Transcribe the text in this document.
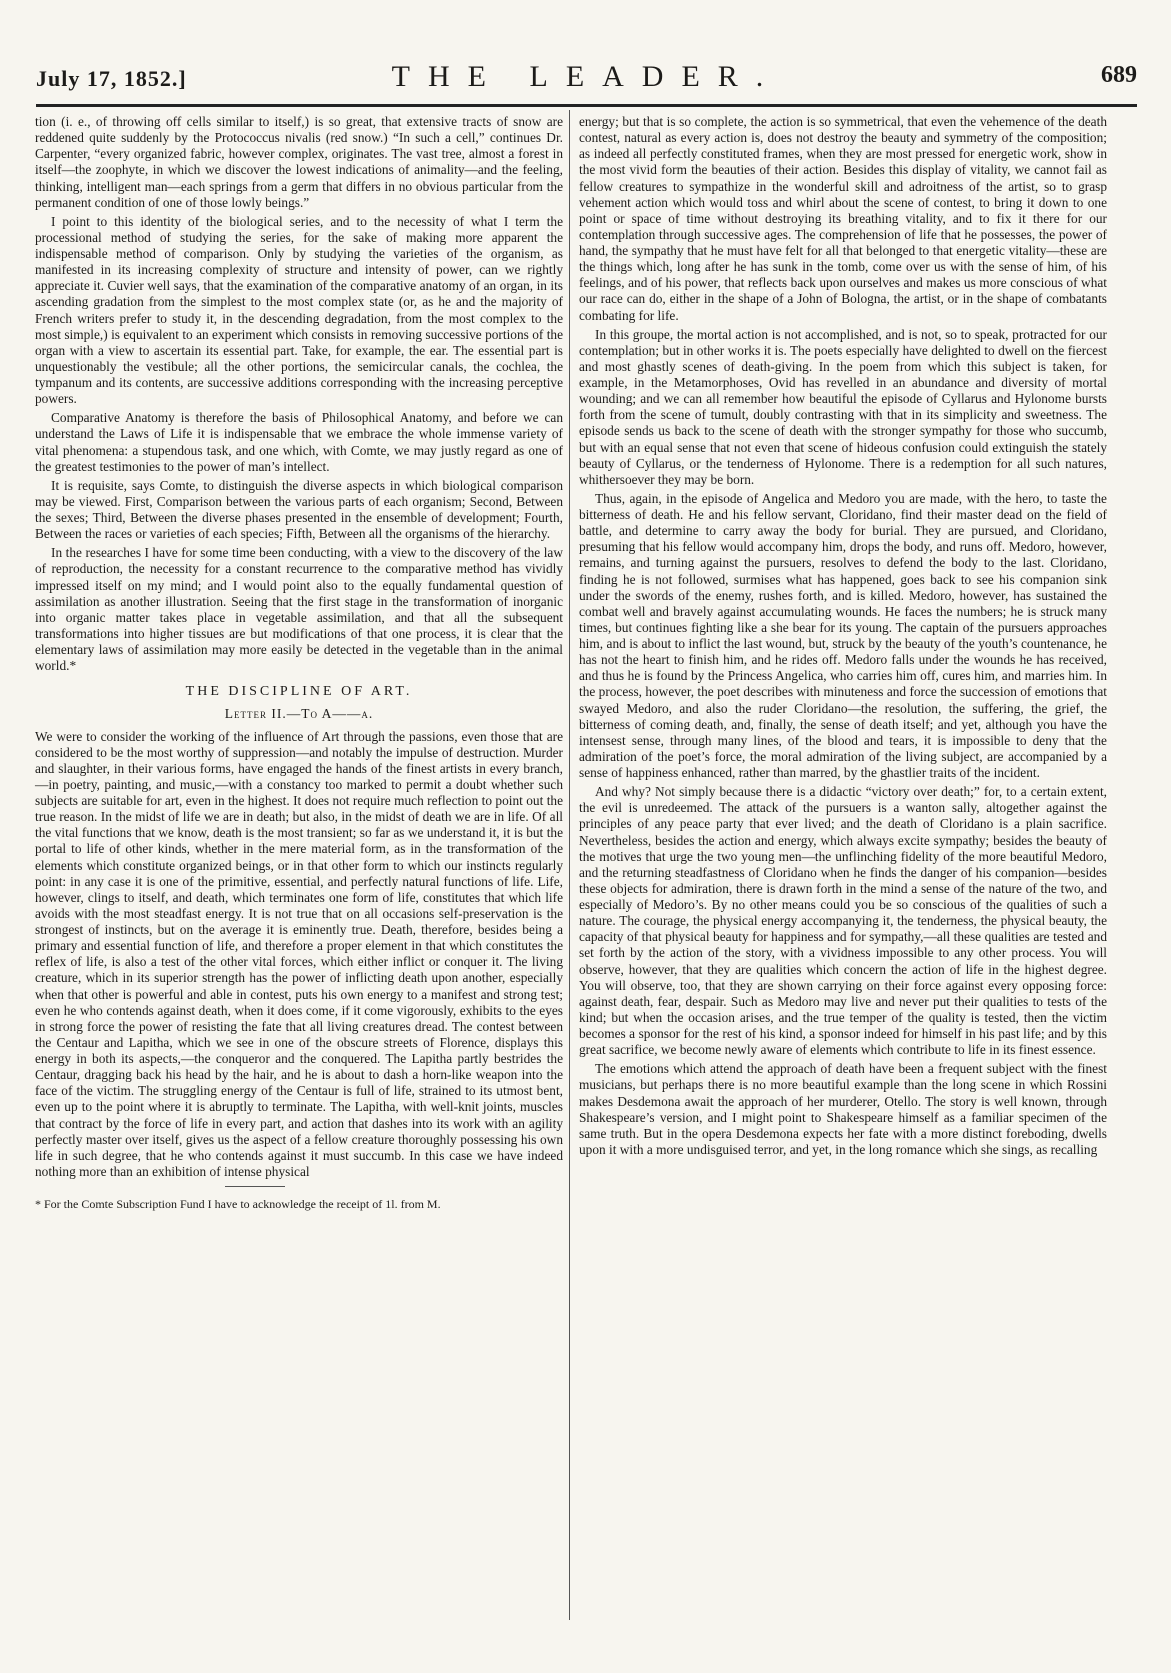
July 17, 1852.]	THE LEADER.	689

tion (i. e., of throwing off cells similar to itself,) is so great, that extensive tracts of snow are reddened quite suddenly by the Protococcus nivalis (red snow.) “In such a cell,” continues Dr. Carpenter, “every organized fabric, however complex, originates. The vast tree, almost a forest in itself—the zoophyte, in which we discover the lowest indications of animality—and the feeling, thinking, intelligent man—each springs from a germ that differs in no obvious particular from the permanent condition of one of those lowly beings.”

I point to this identity of the biological series, and to the necessity of what I term the processional method of studying the series, for the sake of making more apparent the indispensable method of comparison. Only by studying the varieties of the organism, as manifested in its increasing complexity of structure and intensity of power, can we rightly appreciate it. Cuvier well says, that the examination of the comparative anatomy of an organ, in its ascending gradation from the simplest to the most complex state (or, as he and the majority of French writers prefer to study it, in the descending degradation, from the most complex to the most simple,) is equivalent to an experiment which consists in removing successive portions of the organ with a view to ascertain its essential part. Take, for example, the ear. The essential part is unquestionably the vestibule; all the other portions, the semicircular canals, the cochlea, the tympanum and its contents, are successive additions corresponding with the increasing perceptive powers.

Comparative Anatomy is therefore the basis of Philosophical Anatomy, and before we can understand the Laws of Life it is indispensable that we embrace the whole immense variety of vital phenomena: a stupendous task, and one which, with Comte, we may justly regard as one of the greatest testimonies to the power of man’s intellect.

It is requisite, says Comte, to distinguish the diverse aspects in which biological comparison may be viewed. First, Comparison between the various parts of each organism; Second, Between the sexes; Third, Between the diverse phases presented in the ensemble of development; Fourth, Between the races or varieties of each species; Fifth, Between all the organisms of the hierarchy.

In the researches I have for some time been conducting, with a view to the discovery of the law of reproduction, the necessity for a constant recurrence to the comparative method has vividly impressed itself on my mind; and I would point also to the equally fundamental question of assimilation as another illustration. Seeing that the first stage in the transformation of inorganic into organic matter takes place in vegetable assimilation, and that all the subsequent transformations into higher tissues are but modifications of that one process, it is clear that the elementary laws of assimilation may more easily be detected in the vegetable than in the animal world.*

THE DISCIPLINE OF ART.
Letter II.—To A——a.

We were to consider the working of the influence of Art through the passions, even those that are considered to be the most worthy of suppression—and notably the impulse of destruction. Murder and slaughter, in their various forms, have engaged the hands of the finest artists in every branch,—in poetry, painting, and music,—with a constancy too marked to permit a doubt whether such subjects are suitable for art, even in the highest. It does not require much reflection to point out the true reason. In the midst of life we are in death; but also, in the midst of death we are in life. Of all the vital functions that we know, death is the most transient; so far as we understand it, it is but the portal to life of other kinds, whether in the mere material form, as in the transformation of the elements which constitute organized beings, or in that other form to which our instincts regularly point: in any case it is one of the primitive, essential, and perfectly natural functions of life. Life, however, clings to itself, and death, which terminates one form of life, constitutes that which life avoids with the most steadfast energy. It is not true that on all occasions self-preservation is the strongest of instincts, but on the average it is eminently true. Death, therefore, besides being a primary and essential function of life, and therefore a proper element in that which constitutes the reflex of life, is also a test of the other vital forces, which either inflict or conquer it. The living creature, which in its superior strength has the power of inflicting death upon another, especially when that other is powerful and able in contest, puts his own energy to a manifest and strong test; even he who contends against death, when it does come, if it come vigorously, exhibits to the eyes in strong force the power of resisting the fate that all living creatures dread. The contest between the Centaur and Lapitha, which we see in one of the obscure streets of Florence, displays this energy in both its aspects,—the conqueror and the conquered. The Lapitha partly bestrides the Centaur, dragging back his head by the hair, and he is about to dash a horn-like weapon into the face of the victim. The struggling energy of the Centaur is full of life, strained to its utmost bent, even up to the point where it is abruptly to terminate. The Lapitha, with well-knit joints, muscles that contract by the force of life in every part, and action that dashes into its work with an agility perfectly master over itself, gives us the aspect of a fellow creature thoroughly possessing his own life in such degree, that he who contends against it must succumb. In this case we have indeed nothing more than an exhibition of intense physical

* For the Comte Subscription Fund I have to acknowledge the receipt of 1l. from M.

energy; but that is so complete, the action is so symmetrical, that even the vehemence of the death contest, natural as every action is, does not destroy the beauty and symmetry of the composition; as indeed all perfectly constituted frames, when they are most pressed for energetic work, show in the most vivid form the beauties of their action. Besides this display of vitality, we cannot fail as fellow creatures to sympathize in the wonderful skill and adroitness of the artist, so to grasp vehement action which would toss and whirl about the scene of contest, to bring it down to one point or space of time without destroying its breathing vitality, and to fix it there for our contemplation through successive ages. The comprehension of life that he possesses, the power of hand, the sympathy that he must have felt for all that belonged to that energetic vitality—these are the things which, long after he has sunk in the tomb, come over us with the sense of him, of his feelings, and of his power, that reflects back upon ourselves and makes us more conscious of what our race can do, either in the shape of a John of Bologna, the artist, or in the shape of combatants combating for life.

In this groupe, the mortal action is not accomplished, and is not, so to speak, protracted for our contemplation; but in other works it is. The poets especially have delighted to dwell on the fiercest and most ghastly scenes of death-giving. In the poem from which this subject is taken, for example, in the Metamorphoses, Ovid has revelled in an abundance and diversity of mortal wounding; and we can all remember how beautiful the episode of Cyllarus and Hylonome bursts forth from the scene of tumult, doubly contrasting with that in its simplicity and sweetness. The episode sends us back to the scene of death with the stronger sympathy for those who succumb, but with an equal sense that not even that scene of hideous confusion could extinguish the stately beauty of Cyllarus, or the tenderness of Hylonome. There is a redemption for all such natures, whithersoever they may be born.

Thus, again, in the episode of Angelica and Medoro you are made, with the hero, to taste the bitterness of death. He and his fellow servant, Cloridano, find their master dead on the field of battle, and determine to carry away the body for burial. They are pursued, and Cloridano, presuming that his fellow would accompany him, drops the body, and runs off. Medoro, however, remains, and turning against the pursuers, resolves to defend the body to the last. Cloridano, finding he is not followed, surmises what has happened, goes back to see his companion sink under the swords of the enemy, rushes forth, and is killed. Medoro, however, has sustained the combat well and bravely against accumulating wounds. He faces the numbers; he is struck many times, but continues fighting like a she bear for its young. The captain of the pursuers approaches him, and is about to inflict the last wound, but, struck by the beauty of the youth’s countenance, he has not the heart to finish him, and he rides off. Medoro falls under the wounds he has received, and thus he is found by the Princess Angelica, who carries him off, cures him, and marries him. In the process, however, the poet describes with minuteness and force the succession of emotions that swayed Medoro, and also the ruder Cloridano—the resolution, the suffering, the grief, the bitterness of coming death, and, finally, the sense of death itself; and yet, although you have the intensest sense, through many lines, of the blood and tears, it is impossible to deny that the admiration of the poet’s force, the moral admiration of the living subject, are accompanied by a sense of happiness enhanced, rather than marred, by the ghastlier traits of the incident.

And why? Not simply because there is a didactic “victory over death;” for, to a certain extent, the evil is unredeemed. The attack of the pursuers is a wanton sally, altogether against the principles of any peace party that ever lived; and the death of Cloridano is a plain sacrifice. Nevertheless, besides the action and energy, which always excite sympathy; besides the beauty of the motives that urge the two young men—the unflinching fidelity of the more beautiful Medoro, and the returning steadfastness of Cloridano when he finds the danger of his companion—besides these objects for admiration, there is drawn forth in the mind a sense of the nature of the two, and especially of Medoro’s. By no other means could you be so conscious of the qualities of such a nature. The courage, the physical energy accompanying it, the tenderness, the physical beauty, the capacity of that physical beauty for happiness and for sympathy,—all these qualities are tested and set forth by the action of the story, with a vividness impossible to any other process. You will observe, however, that they are qualities which concern the action of life in the highest degree. You will observe, too, that they are shown carrying on their force against every opposing force: against death, fear, despair. Such as Medoro may live and never put their qualities to tests of the kind; but when the occasion arises, and the true temper of the quality is tested, then the victim becomes a sponsor for the rest of his kind, a sponsor indeed for himself in his past life; and by this great sacrifice, we become newly aware of elements which contribute to life in its finest essence.

The emotions which attend the approach of death have been a frequent subject with the finest musicians, but perhaps there is no more beautiful example than the long scene in which Rossini makes Desdemona await the approach of her murderer, Otello. The story is well known, through Shakespeare’s version, and I might point to Shakespeare himself as a familiar specimen of the same truth. But in the opera Desdemona expects her fate with a more distinct foreboding, dwells upon it with a more undisguised terror, and yet, in the long romance which she sings, as recalling
